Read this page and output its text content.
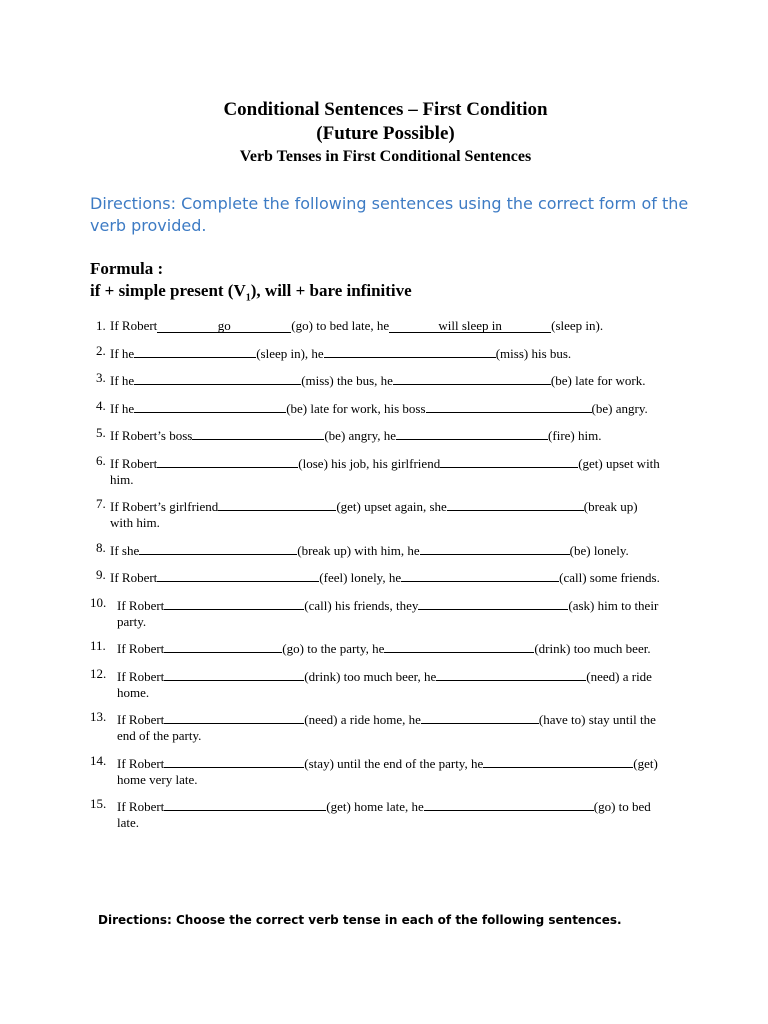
Conditional Sentences – First Condition
(Future Possible)
Verb Tenses in First Conditional Sentences
Directions: Complete the following sentences using the correct form of the verb provided.
Formula :
if + simple present $(V_1)$, will + bare infinitive
1. If Robert	go	(go) to bed late, he	will sleep in	(sleep in).
2. If he	(sleep in), he	(miss) his bus.
3. If he	(miss) the bus, he	(be) late for work.
4. If he	(be) late for work, his boss	(be) angry.
5. If Robert’s boss	(be) angry, he	(fire) him.
6. If Robert	(lose) his job, his girlfriend	(get) upset with
him.
7. If Robert’s girlfriend	(get) upset again, she	(break up)
with him.
8. If she	(break up) with him, he	(be) lonely.
9. If Robert	(feel) lonely, he	(call) some friends.
10. If Robert	(call) his friends, they	(ask) him to their
party.
11. If Robert	(go) to the party, he	(drink) too much beer.
12. If Robert	(drink) too much beer, he	(need) a ride
home.
13. If Robert	(need) a ride home, he	(have to) stay until the
end of the party.
14. If Robert	(stay) until the end of the party, he	(get)
home very late.
15. If Robert	(get) home late, he	(go) to bed
late.
Directions: Choose the correct verb tense in each of the following sentences.
